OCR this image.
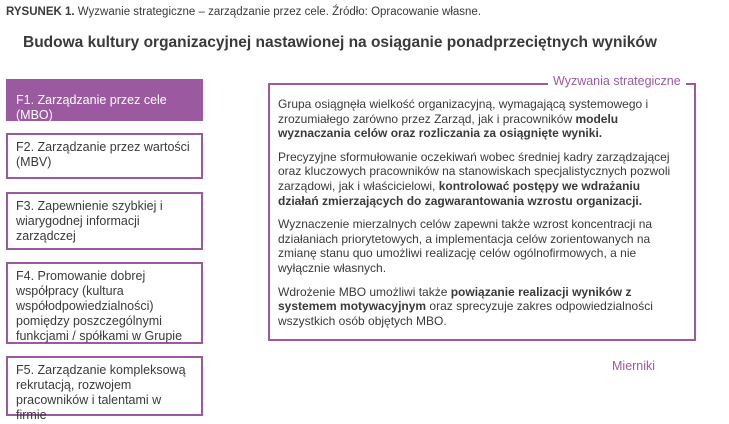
RYSUNEK 1. Wyzwanie strategiczne – zarządzanie przez cele. Źródło: Opracowanie własne.
Budowa kultury organizacyjnej nastawionej na osiąganie ponadprzeciętnych wyników
F1. Zarządzanie przez cele (MBO)
F2. Zarządzanie przez wartości (MBV)
F3. Zapewnienie szybkiej i wiarygodnej informacji zarządczej
F4. Promowanie dobrej współpracy (kultura współodpowiedzialności) pomiędzy poszczególnymi funkcjami / spółkami w Grupie
F5. Zarządzanie kompleksową rekrutacją, rozwojem pracowników i talentami w firmie

Grupa osiągnęła wielkość organizacyjną, wymagającą systemowego i zrozumiałego zarówno przez Zarząd, jak i pracowników modelu wyznaczania celów oraz rozliczania za osiągnięte wyniki.

Precyzyjne sformułowanie oczekiwań wobec średniej kadry zarządzającej oraz kluczowych pracowników na stanowiskach specjalistycznych pozwoli zarządowi, jak i właścicielowi, kontrolować postępy we wdrażaniu działań zmierzających do zagwarantowania wzrostu organizacji.

Wyznaczenie mierzalnych celów zapewni także wzrost koncentracji na działaniach priorytetowych, a implementacja celów zorientowanych na zmianę stanu quo umożliwi realizację celów ogólnofirmowych, a nie wyłącznie własnych.

Wdrożenie MBO umożliwi także powiązanie realizacji wyników z systemem motywacyjnym oraz sprecyzuje zakres odpowiedzialności wszystkich osób objętych MBO.

Wyzwania strategiczne
Mierniki
